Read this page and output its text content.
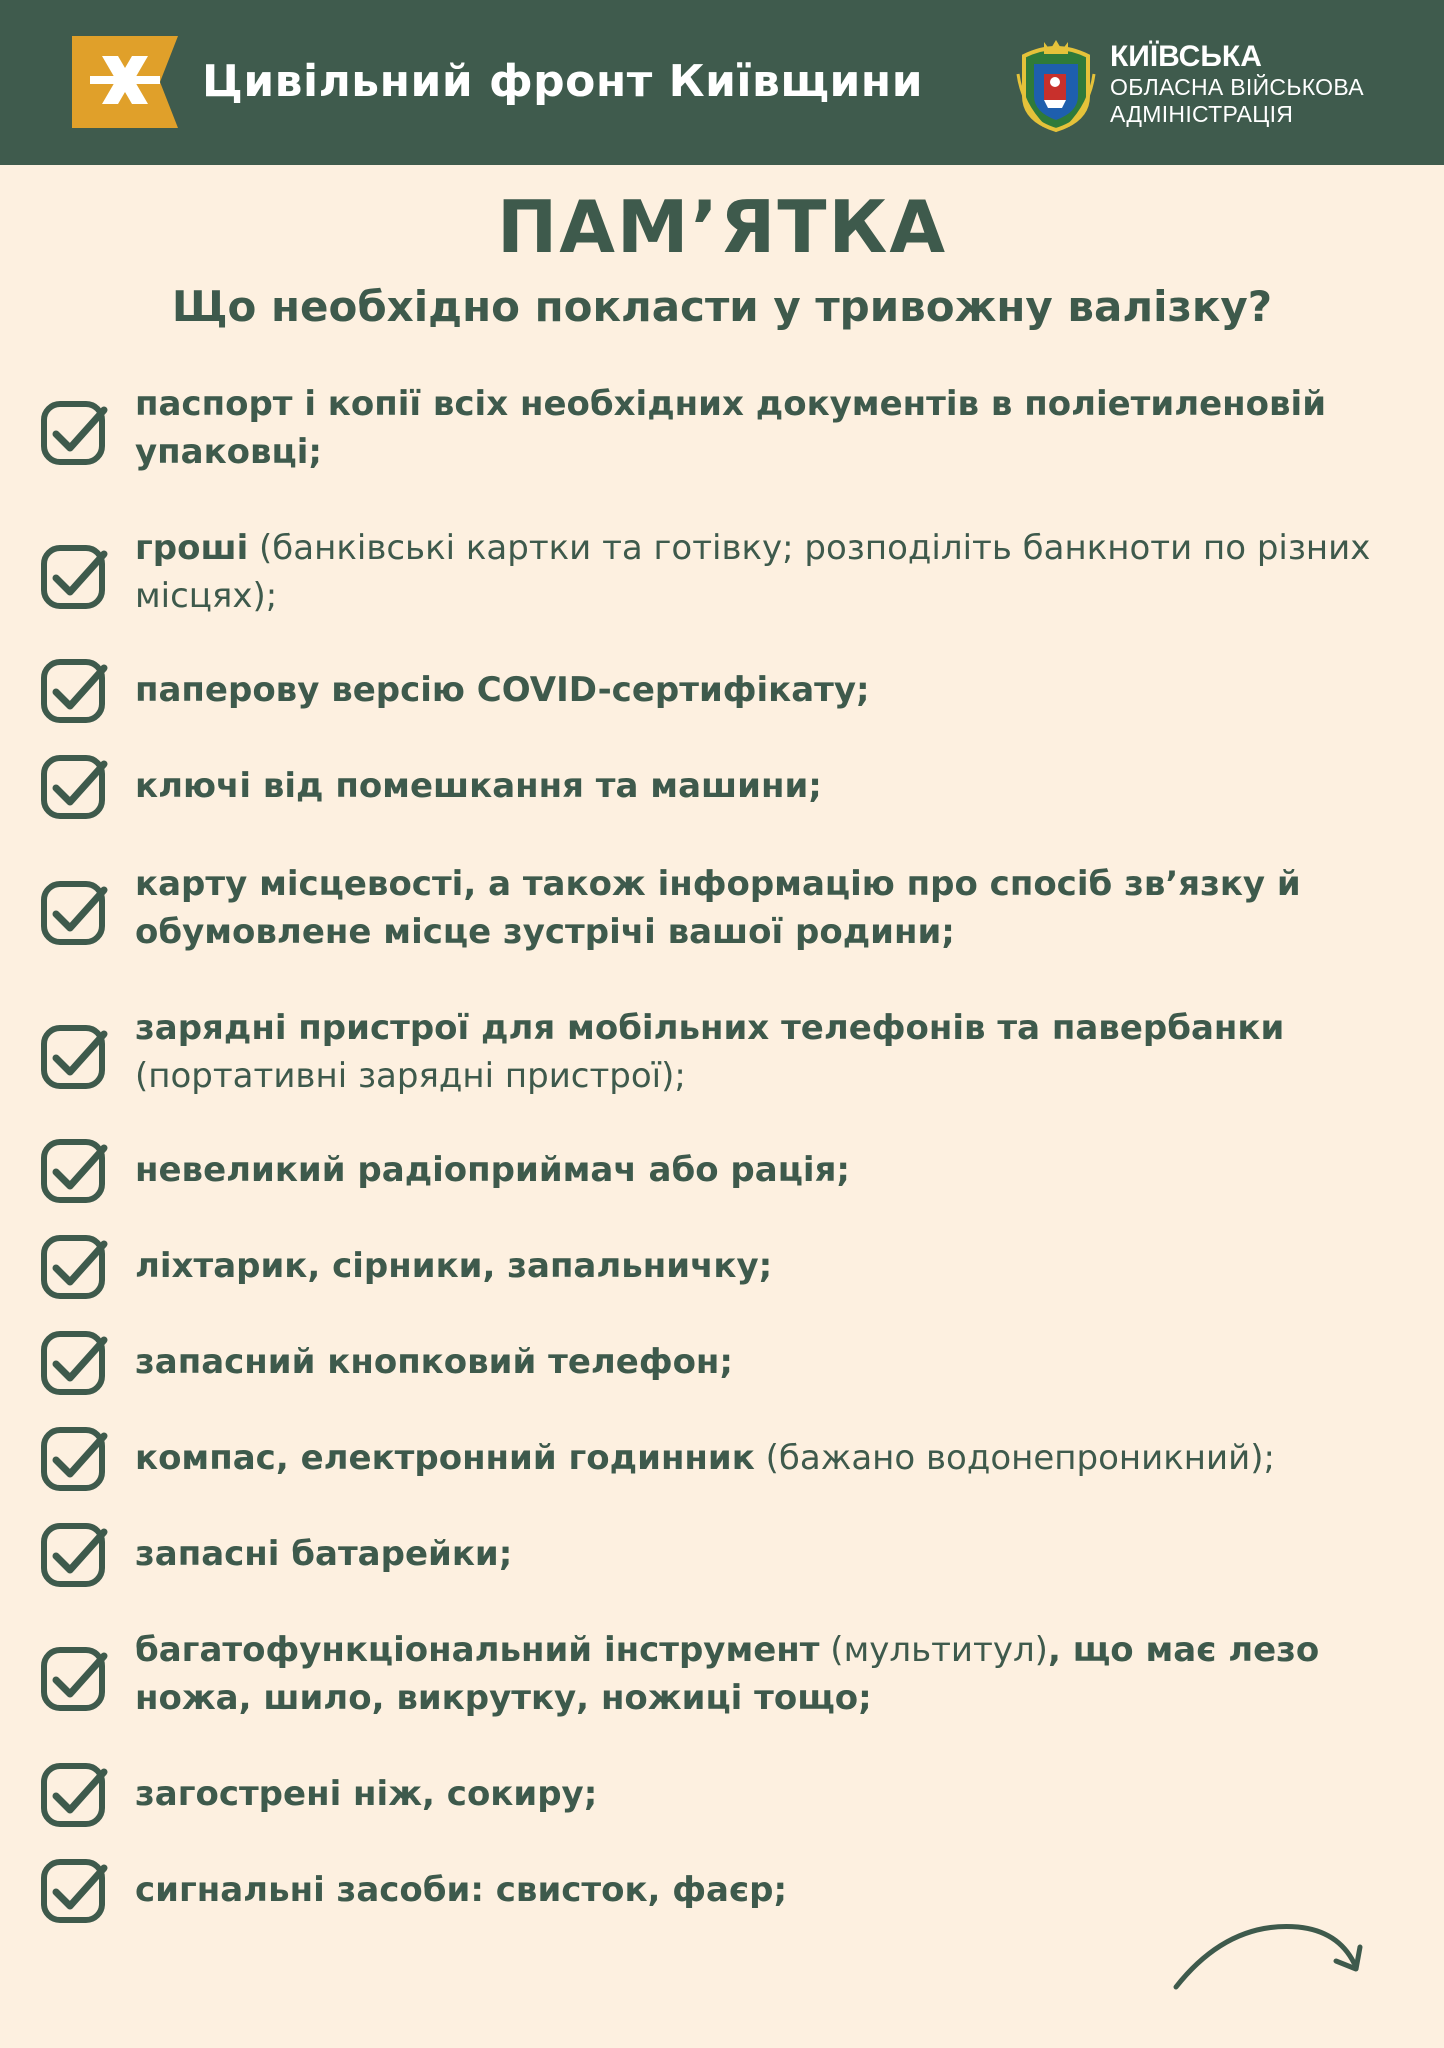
Цивільний фронт Київщини	КИЇВСЬКА
ОБЛАСНА ВІЙСЬКОВА
АДМІНІСТРАЦІЯ
ПАМ’ЯТКА
Що необхідно покласти у тривожну валізку?
паспорт і копії всіх необхідних документів в поліетиленовій упаковці;
гроші (банківські картки та готівку; розподіліть банкноти по різних місцях);
паперову версію COVID-сертифікату;
ключі від помешкання та машини;
карту місцевості, а також інформацію про спосіб зв’язку й обумовлене місце зустрічі вашої родини;
зарядні пристрої для мобільних телефонів та павербанки (портативні зарядні пристрої);
невеликий радіоприймач або рація;
ліхтарик, сірники, запальничку;
запасний кнопковий телефон;
компас, електронний годинник (бажано водонепроникний);
запасні батарейки;
багатофункціональний інструмент (мультитул), що має лезо ножа, шило, викрутку, ножиці тощо;
загострені ніж, сокиру;
сигнальні засоби: свисток, фаєр;
